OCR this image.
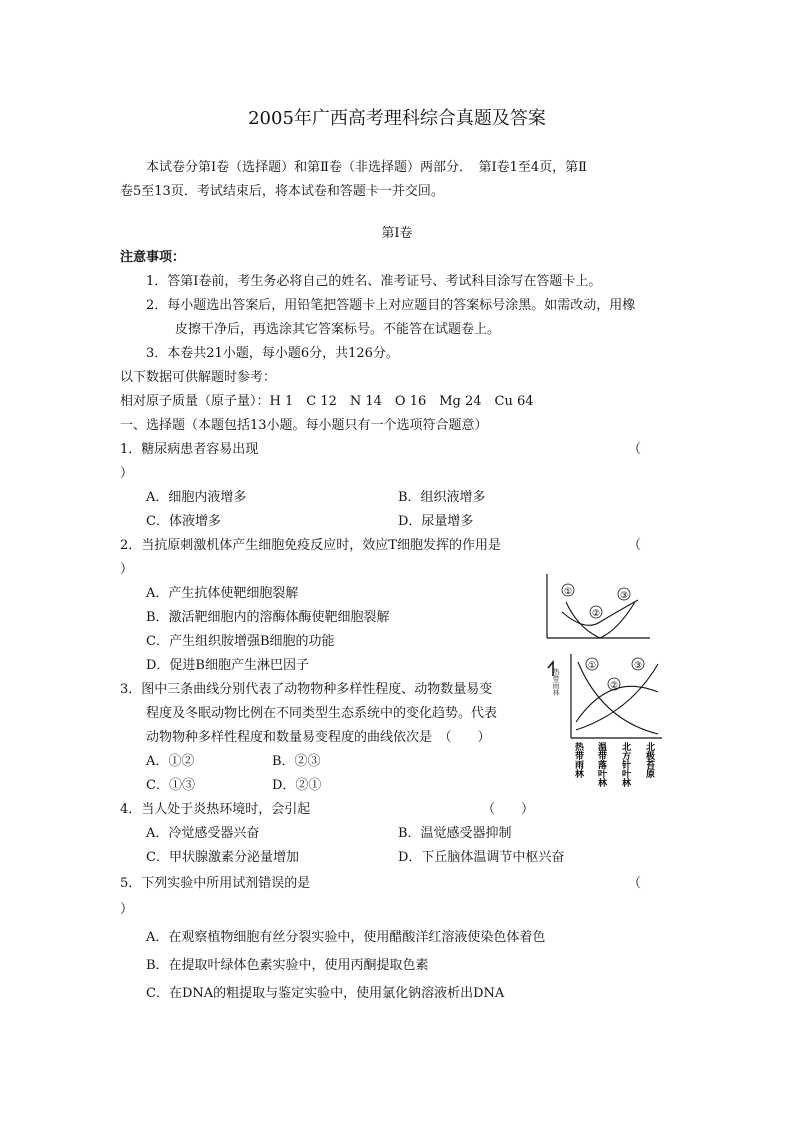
2005年广西高考理科综合真题及答案
本试卷分第Ⅰ卷（选择题）和第Ⅱ卷（非选择题）两部分．　第Ⅰ卷1至4页，第Ⅱ
卷5至13页．考试结束后，将本试卷和答题卡一并交回。
第Ⅰ卷
注意事项：
1．答第Ⅰ卷前，考生务必将自己的姓名、准考证号、考试科目涂写在答题卡上。
2．每小题选出答案后，用铅笔把答题卡上对应题目的答案标号涂黑。如需改动，用橡
皮擦干净后，再选涂其它答案标号。不能答在试题卷上。
3．本卷共21小题，每小题6分，共126分。
以下数据可供解题时参考：
相对原子质量（原子量）：H 1　C 12　N 14　O 16　Mg 24　Cu 64
一、选择题（本题包括13小题。每小题只有一个选项符合题意）
1．糖尿病患者容易出现	（
）
A．细胞内液增多	B．组织液增多
C．体液增多	D．尿量增多
2．当抗原刺激机体产生细胞免疫反应时，效应T细胞发挥的作用是	（
）
A．产生抗体使靶细胞裂解
B．激活靶细胞内的溶酶体酶使靶细胞裂解
C．产生组织胺增强B细胞的功能
D．促进B细胞产生淋巴因子
3．图中三条曲线分别代表了动物物种多样性程度、动物数量易变
程度及冬眠动物比例在不同类型生态系统中的变化趋势。代表
动物物种多样性程度和数量易变程度的曲线依次是　（　　）
A．①②	B．②③
C．①③	D．②①
4．当人处于炎热环境时，会引起	（　　）
A．冷觉感受器兴奋	B．温觉感受器抑制
C．甲状腺激素分泌量增加	D．下丘脑体温调节中枢兴奋
5．下列实验中所用试剂错误的是	（
）
A．在观察植物细胞有丝分裂实验中，使用醋酸洋红溶液使染色体着色
B．在提取叶绿体色素实验中，使用丙酮提取色素
C．在DNA的粗提取与鉴定实验中，使用氯化钠溶液析出DNA
①
②
③
①
②
③
热带雨林
热带雨林 温带落叶林 北方针叶林 北极苔原
